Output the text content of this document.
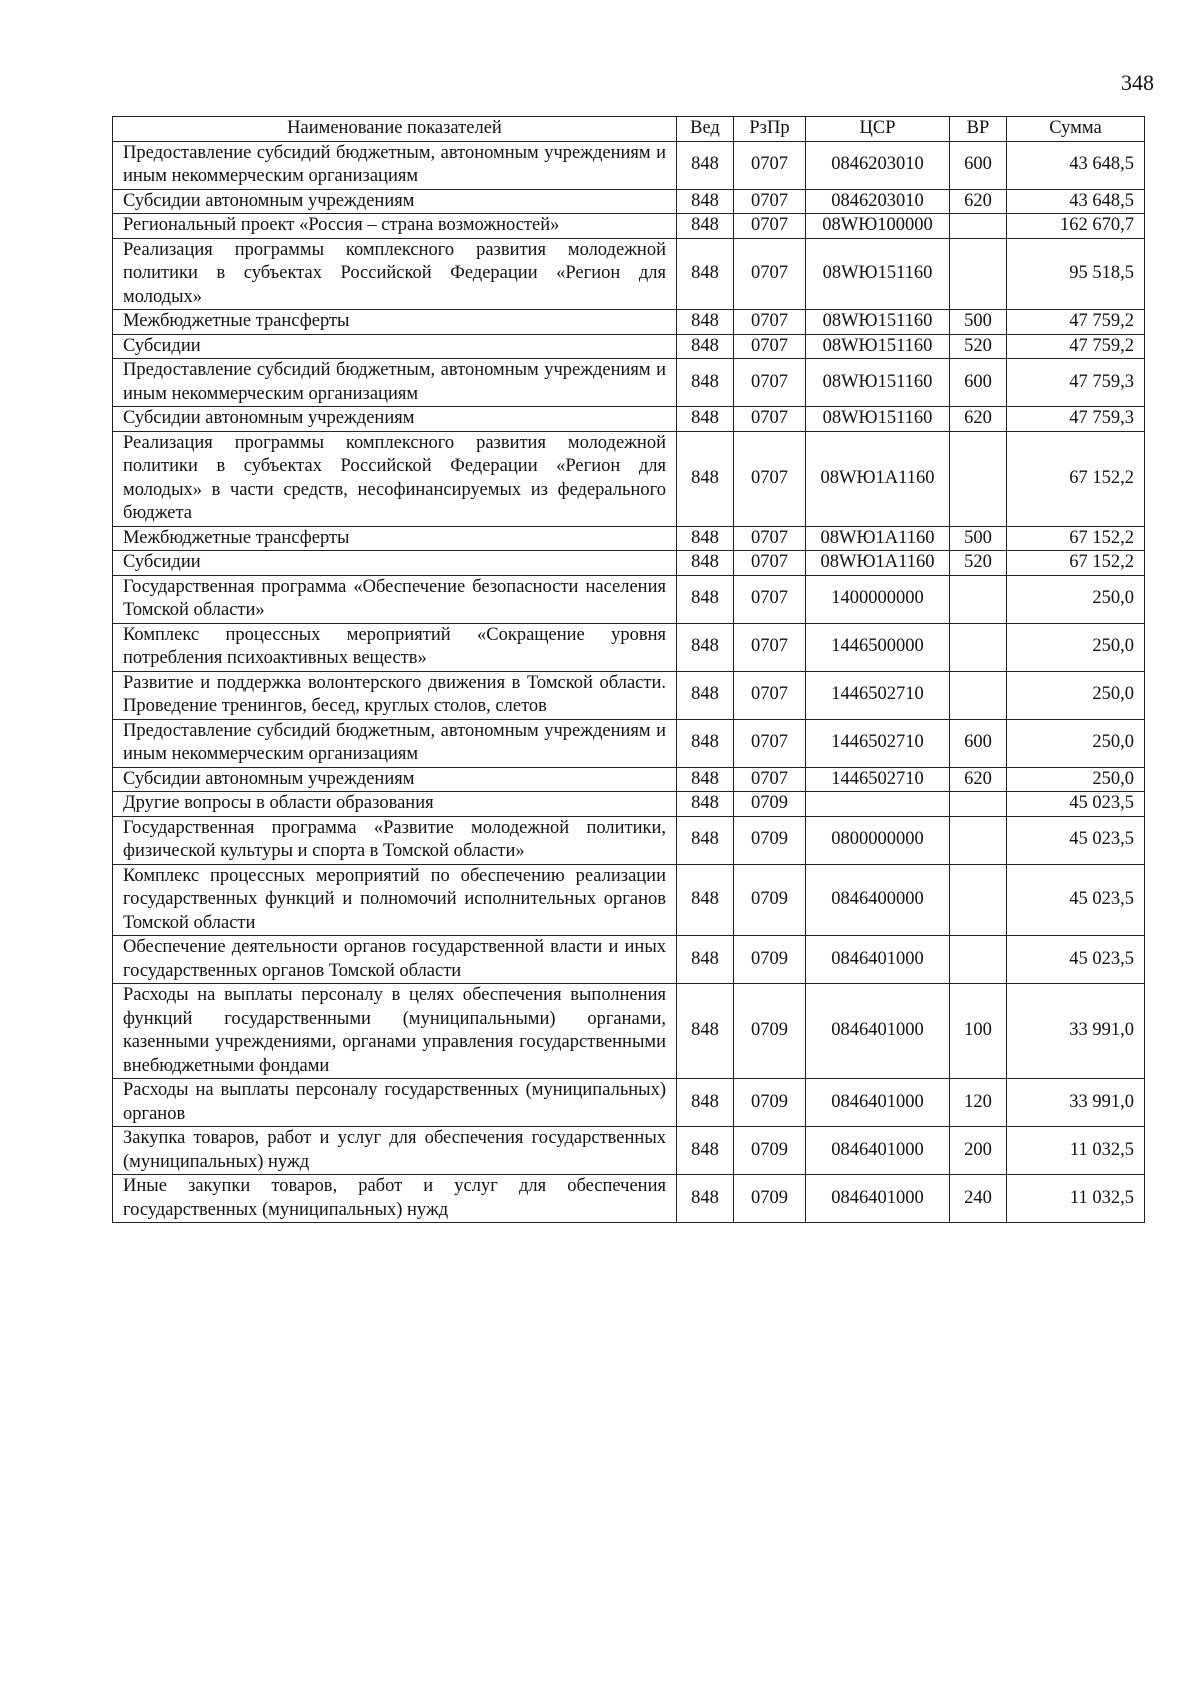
348
Наименование показателей	Вед	РзПр	ЦСР	ВР	Сумма
Предоставление субсидий бюджетным, автономным учреждениям и иным некоммерческим организациям	848	0707	0846203010	600	43 648,5
Субсидии автономным учреждениям	848	0707	0846203010	620	43 648,5
Региональный проект «Россия – страна возможностей»	848	0707	08WЮ100000		162 670,7
Реализация программы комплексного развития молодежной политики в субъектах Российской Федерации «Регион для молодых»	848	0707	08WЮ151160		95 518,5
Межбюджетные трансферты	848	0707	08WЮ151160	500	47 759,2
Субсидии	848	0707	08WЮ151160	520	47 759,2
Предоставление субсидий бюджетным, автономным учреждениям и иным некоммерческим организациям	848	0707	08WЮ151160	600	47 759,3
Субсидии автономным учреждениям	848	0707	08WЮ151160	620	47 759,3
Реализация программы комплексного развития молодежной политики в субъектах Российской Федерации «Регион для молодых» в части средств, несофинансируемых из федерального бюджета	848	0707	08WЮ1А1160		67 152,2
Межбюджетные трансферты	848	0707	08WЮ1А1160	500	67 152,2
Субсидии	848	0707	08WЮ1А1160	520	67 152,2
Государственная программа «Обеспечение безопасности населения Томской области»	848	0707	1400000000		250,0
Комплекс процессных мероприятий «Сокращение уровня потребления психоактивных веществ»	848	0707	1446500000		250,0
Развитие и поддержка волонтерского движения в Томской области. Проведение тренингов, бесед, круглых столов, слетов	848	0707	1446502710		250,0
Предоставление субсидий бюджетным, автономным учреждениям и иным некоммерческим организациям	848	0707	1446502710	600	250,0
Субсидии автономным учреждениям	848	0707	1446502710	620	250,0
Другие вопросы в области образования	848	0709			45 023,5
Государственная программа «Развитие молодежной политики, физической культуры и спорта в Томской области»	848	0709	0800000000		45 023,5
Комплекс процессных мероприятий по обеспечению реализации государственных функций и полномочий исполнительных органов Томской области	848	0709	0846400000		45 023,5
Обеспечение деятельности органов государственной власти и иных государственных органов Томской области	848	0709	0846401000		45 023,5
Расходы на выплаты персоналу в целях обеспечения выполнения функций государственными (муниципальными) органами, казенными учреждениями, органами управления государственными внебюджетными фондами	848	0709	0846401000	100	33 991,0
Расходы на выплаты персоналу государственных (муниципальных) органов	848	0709	0846401000	120	33 991,0
Закупка товаров, работ и услуг для обеспечения государственных (муниципальных) нужд	848	0709	0846401000	200	11 032,5
Иные закупки товаров, работ и услуг для обеспечения государственных (муниципальных) нужд	848	0709	0846401000	240	11 032,5
